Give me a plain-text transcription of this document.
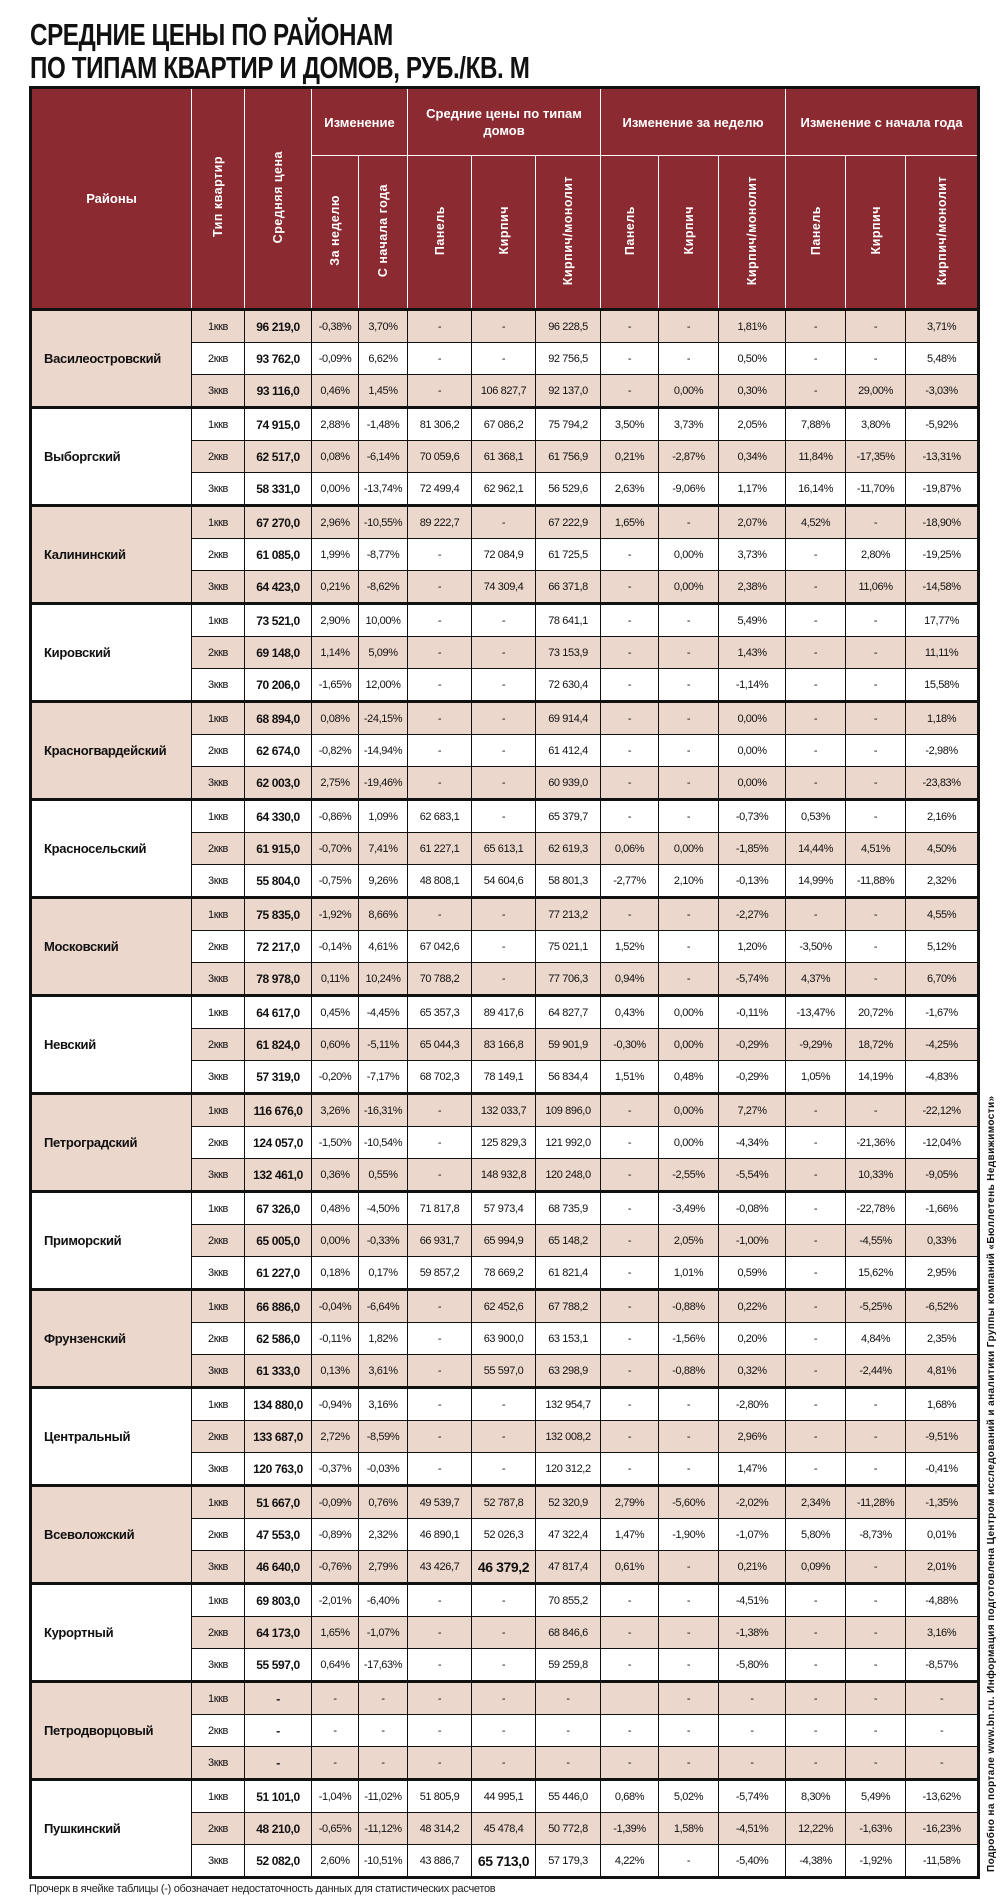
СРЕДНИЕ ЦЕНЫ ПО РАЙОНАМ
ПО ТИПАМ КВАРТИР И ДОМОВ, РУБ./КВ. М
Районы	Тип квартир	Средняя цена	Изменение		Средние цены по типам домов			Изменение за неделю			Изменение с начала года		
			За неделю	С начала года	Панель	Кирпич	Кирпич/монолит	Панель	Кирпич	Кирпич/монолит	Панель	Кирпич	Кирпич/монолит
Василеостровский	1ккв	96 219,0	-0,38%	3,70%	-	-	96 228,5	-	-	1,81%	-	-	3,71%
	2ккв	93 762,0	-0,09%	6,62%	-	-	92 756,5	-	-	0,50%	-	-	5,48%
	3ккв	93 116,0	0,46%	1,45%	-	106 827,7	92 137,0	-	0,00%	0,30%	-	29,00%	-3,03%
Выборгский	1ккв	74 915,0	2,88%	-1,48%	81 306,2	67 086,2	75 794,2	3,50%	3,73%	2,05%	7,88%	3,80%	-5,92%
	2ккв	62 517,0	0,08%	-6,14%	70 059,6	61 368,1	61 756,9	0,21%	-2,87%	0,34%	11,84%	-17,35%	-13,31%
	3ккв	58 331,0	0,00%	-13,74%	72 499,4	62 962,1	56 529,6	2,63%	-9,06%	1,17%	16,14%	-11,70%	-19,87%
Калининский	1ккв	67 270,0	2,96%	-10,55%	89 222,7	-	67 222,9	1,65%	-	2,07%	4,52%	-	-18,90%
	2ккв	61 085,0	1,99%	-8,77%	-	72 084,9	61 725,5	-	0,00%	3,73%	-	2,80%	-19,25%
	3ккв	64 423,0	0,21%	-8,62%	-	74 309,4	66 371,8	-	0,00%	2,38%	-	11,06%	-14,58%
Кировский	1ккв	73 521,0	2,90%	10,00%	-	-	78 641,1	-	-	5,49%	-	-	17,77%
	2ккв	69 148,0	1,14%	5,09%	-	-	73 153,9	-	-	1,43%	-	-	11,11%
	3ккв	70 206,0	-1,65%	12,00%	-	-	72 630,4	-	-	-1,14%	-	-	15,58%
Красногвардейский	1ккв	68 894,0	0,08%	-24,15%	-	-	69 914,4	-	-	0,00%	-	-	1,18%
	2ккв	62 674,0	-0,82%	-14,94%	-	-	61 412,4	-	-	0,00%	-	-	-2,98%
	3ккв	62 003,0	2,75%	-19,46%	-	-	60 939,0	-	-	0,00%	-	-	-23,83%
Красносельский	1ккв	64 330,0	-0,86%	1,09%	62 683,1	-	65 379,7	-	-	-0,73%	0,53%	-	2,16%
	2ккв	61 915,0	-0,70%	7,41%	61 227,1	65 613,1	62 619,3	0,06%	0,00%	-1,85%	14,44%	4,51%	4,50%
	3ккв	55 804,0	-0,75%	9,26%	48 808,1	54 604,6	58 801,3	-2,77%	2,10%	-0,13%	14,99%	-11,88%	2,32%
Московский	1ккв	75 835,0	-1,92%	8,66%	-	-	77 213,2	-	-	-2,27%	-	-	4,55%
	2ккв	72 217,0	-0,14%	4,61%	67 042,6	-	75 021,1	1,52%	-	1,20%	-3,50%	-	5,12%
	3ккв	78 978,0	0,11%	10,24%	70 788,2	-	77 706,3	0,94%	-	-5,74%	4,37%	-	6,70%
Невский	1ккв	64 617,0	0,45%	-4,45%	65 357,3	89 417,6	64 827,7	0,43%	0,00%	-0,11%	-13,47%	20,72%	-1,67%
	2ккв	61 824,0	0,60%	-5,11%	65 044,3	83 166,8	59 901,9	-0,30%	0,00%	-0,29%	-9,29%	18,72%	-4,25%
	3ккв	57 319,0	-0,20%	-7,17%	68 702,3	78 149,1	56 834,4	1,51%	0,48%	-0,29%	1,05%	14,19%	-4,83%
Петроградский	1ккв	116 676,0	3,26%	-16,31%	-	132 033,7	109 896,0	-	0,00%	7,27%	-	-	-22,12%
	2ккв	124 057,0	-1,50%	-10,54%	-	125 829,3	121 992,0	-	0,00%	-4,34%	-	-21,36%	-12,04%
	3ккв	132 461,0	0,36%	0,55%	-	148 932,8	120 248,0	-	-2,55%	-5,54%	-	10,33%	-9,05%
Приморский	1ккв	67 326,0	0,48%	-4,50%	71 817,8	57 973,4	68 735,9	-	-3,49%	-0,08%	-	-22,78%	-1,66%
	2ккв	65 005,0	0,00%	-0,33%	66 931,7	65 994,9	65 148,2	-	2,05%	-1,00%	-	-4,55%	0,33%
	3ккв	61 227,0	0,18%	0,17%	59 857,2	78 669,2	61 821,4	-	1,01%	0,59%	-	15,62%	2,95%
Фрунзенский	1ккв	66 886,0	-0,04%	-6,64%	-	62 452,6	67 788,2	-	-0,88%	0,22%	-	-5,25%	-6,52%
	2ккв	62 586,0	-0,11%	1,82%	-	63 900,0	63 153,1	-	-1,56%	0,20%	-	4,84%	2,35%
	3ккв	61 333,0	0,13%	3,61%	-	55 597,0	63 298,9	-	-0,88%	0,32%	-	-2,44%	4,81%
Центральный	1ккв	134 880,0	-0,94%	3,16%	-	-	132 954,7	-	-	-2,80%	-	-	1,68%
	2ккв	133 687,0	2,72%	-8,59%	-	-	132 008,2	-	-	2,96%	-	-	-9,51%
	3ккв	120 763,0	-0,37%	-0,03%	-	-	120 312,2	-	-	1,47%	-	-	-0,41%
Всеволожский	1ккв	51 667,0	-0,09%	0,76%	49 539,7	52 787,8	52 320,9	2,79%	-5,60%	-2,02%	2,34%	-11,28%	-1,35%
	2ккв	47 553,0	-0,89%	2,32%	46 890,1	52 026,3	47 322,4	1,47%	-1,90%	-1,07%	5,80%	-8,73%	0,01%
	3ккв	46 640,0	-0,76%	2,79%	43 426,7	46 379,2	47 817,4	0,61%	-	0,21%	0,09%	-	2,01%
Курортный	1ккв	69 803,0	-2,01%	-6,40%	-	-	70 855,2	-	-	-4,51%	-	-	-4,88%
	2ккв	64 173,0	1,65%	-1,07%	-	-	68 846,6	-	-	-1,38%	-	-	3,16%
	3ккв	55 597,0	0,64%	-17,63%	-	-	59 259,8	-	-	-5,80%	-	-	-8,57%
Петродворцовый	1ккв	-	-	-	-	-	-		-	-	-	-	-
	2ккв	-	-	-	-	-	-	-	-	-	-	-	-
	3ккв	-	-	-	-	-	-	-	-	-	-	-	-
Пушкинский	1ккв	51 101,0	-1,04%	-11,02%	51 805,9	44 995,1	55 446,0	0,68%	5,02%	-5,74%	8,30%	5,49%	-13,62%
	2ккв	48 210,0	-0,65%	-11,12%	48 314,2	45 478,4	50 772,8	-1,39%	1,58%	-4,51%	12,22%	-1,63%	-16,23%
	3ккв	52 082,0	2,60%	-10,51%	43 886,7	65 713,0	57 179,3	4,22%	-	-5,40%	-4,38%	-1,92%	-11,58%
Прочерк в ячейке таблицы (-) обозначает недостаточность данных для статистических расчетов
Подробно на портале www.bn.ru. Информация подготовлена Центром исследований и аналитики Группы компаний «Бюллетень Недвижимости»
